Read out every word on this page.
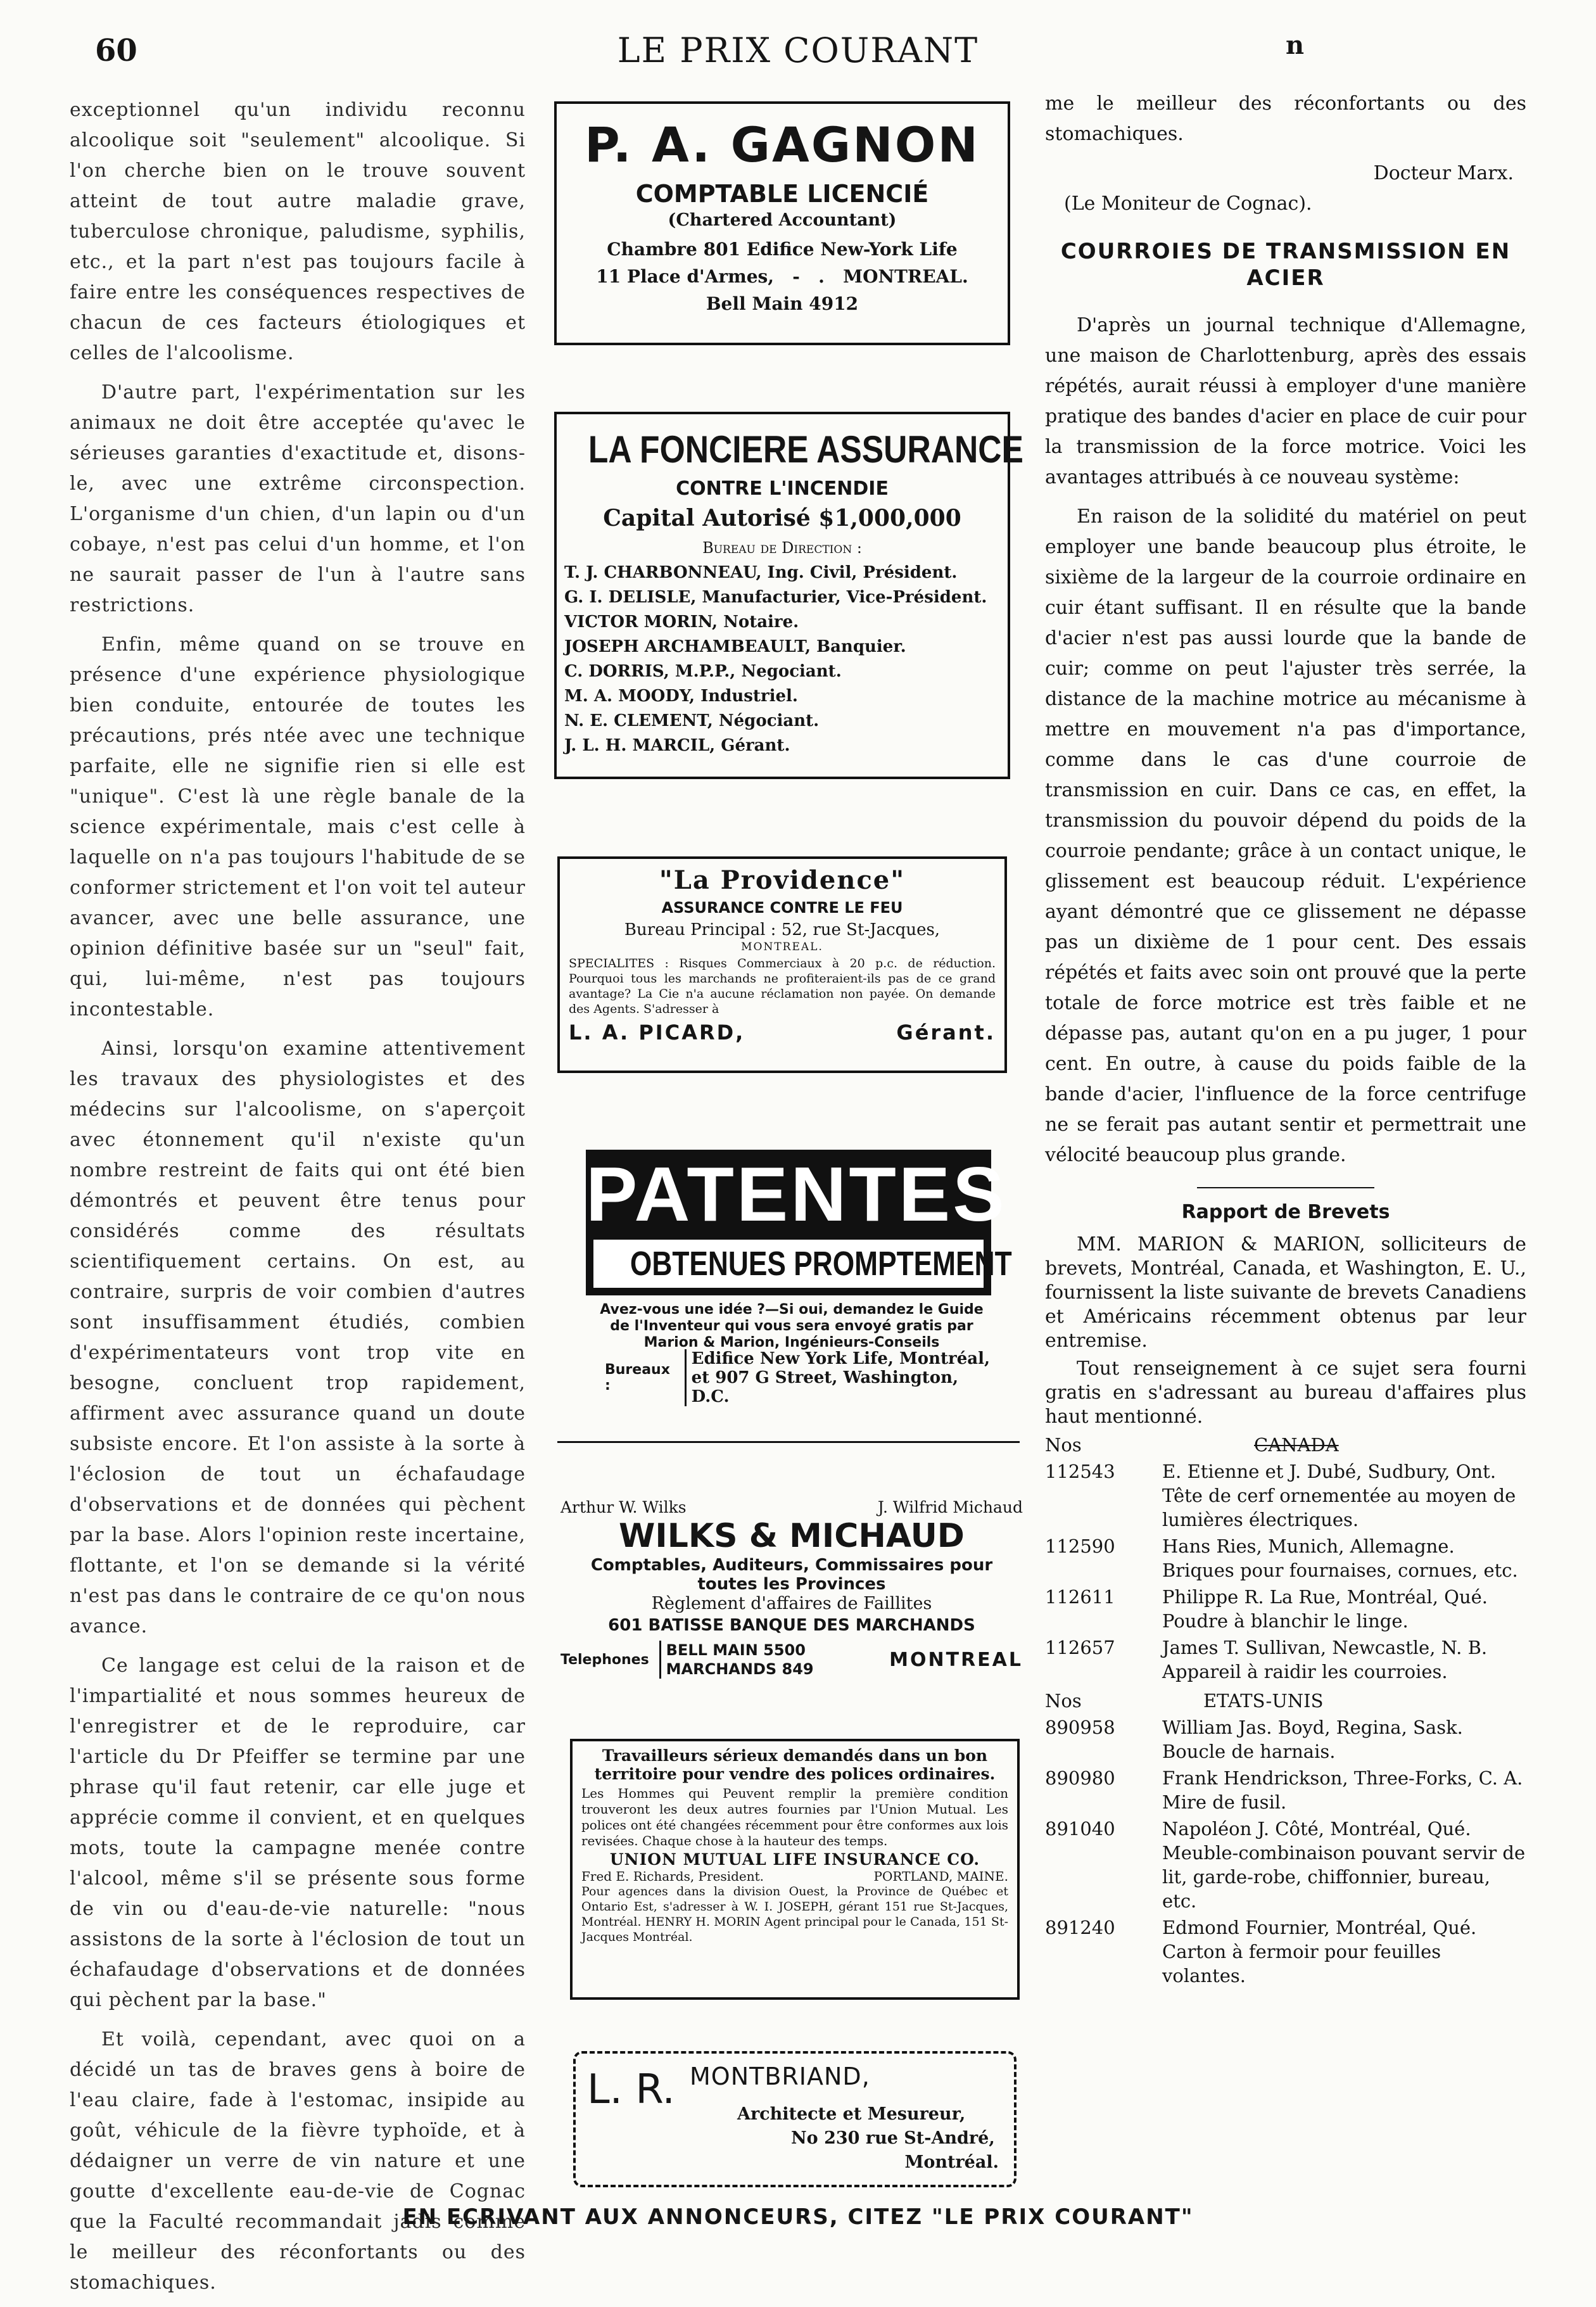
60	LE PRIX COURANT	n

exceptionnel qu'un individu reconnu alcoolique soit "seulement" alcoolique. Si l'on cherche bien on le trouve souvent atteint de tout autre maladie grave, tuberculose chronique, paludisme, syphilis, etc., et la part n'est pas toujours facile à faire entre les conséquences respectives de chacun de ces facteurs étiologiques et celles de l'alcoolisme.

D'autre part, l'expérimentation sur les animaux ne doit être acceptée qu'avec le sérieuses garanties d'exactitude et, disons-le, avec une extrême circonspection. L'organisme d'un chien, d'un lapin ou d'un cobaye, n'est pas celui d'un homme, et l'on ne saurait passer de l'un à l'autre sans restrictions.

Enfin, même quand on se trouve en présence d'une expérience physiologique bien conduite, entourée de toutes les précautions, prés ntée avec une technique parfaite, elle ne signifie rien si elle est "unique". C'est là une règle banale de la science expérimentale, mais c'est celle à laquelle on n'a pas toujours l'habitude de se conformer strictement et l'on voit tel auteur avancer, avec une belle assurance, une opinion définitive basée sur un "seul" fait, qui, lui-même, n'est pas toujours incontestable.

Ainsi, lorsqu'on examine attentivement les travaux des physiologistes et des médecins sur l'alcoolisme, on s'aperçoit avec étonnement qu'il n'existe qu'un nombre restreint de faits qui ont été bien démontrés et peuvent être tenus pour considérés comme des résultats scientifiquement certains. On est, au contraire, surpris de voir combien d'autres sont insuffisamment étudiés, combien d'expérimentateurs vont trop vite en besogne, concluent trop rapidement, affirment avec assurance quand un doute subsiste encore. Et l'on assiste à la sorte à l'éclosion de tout un échafaudage d'observations et de données qui pèchent par la base. Alors l'opinion reste incertaine, flottante, et l'on se demande si la vérité n'est pas dans le contraire de ce qu'on nous avance.

Ce langage est celui de la raison et de l'impartialité et nous sommes heureux de l'enregistrer et de le reproduire, car l'article du Dr Pfeiffer se termine par une phrase qu'il faut retenir, car elle juge et apprécie comme il convient, et en quelques mots, toute la campagne menée contre l'alcool, même s'il se présente sous forme de vin ou d'eau-de-vie naturelle: "nous assistons de la sorte à l'éclosion de tout un échafaudage d'observations et de données qui pèchent par la base."

Et voilà, cependant, avec quoi on a décidé un tas de braves gens à boire de l'eau claire, fade à l'estomac, insipide au goût, véhicule de la fièvre typhoïde, et à dédaigner un verre de vin nature et une goutte d'excellente eau-de-vie de Cognac que la Faculté recommandait jadis comme le meilleur des réconfortants ou des stomachiques.

P. A. GAGNON
COMPTABLE LICENCIÉ
(Chartered Accountant)
Chambre 801 Edifice New-York Life
11 Place d'Armes,   -   .   MONTREAL.
Bell Main 4912
LA FONCIERE ASSURANCE
CONTRE L'INCENDIE
Capital Autorisé $1,000,000
Bureau de Direction :
T. J. CHARBONNEAU, Ing. Civil, Président.
G. I. DELISLE, Manufacturier, Vice-Président.
VICTOR MORIN, Notaire.
JOSEPH ARCHAMBEAULT, Banquier.
C. DORRIS, M.P.P., Negociant.
M. A. MOODY, Industriel.
N. E. CLEMENT, Négociant.
J. L. H. MARCIL, Gérant.
"La Providence"
ASSURANCE CONTRE LE FEU
Bureau Principal : 52, rue St-Jacques,
MONTREAL.
SPECIALITES : Risques Commerciaux à 20 p.c. de réduction. Pourquoi tous les marchands ne profiteraient-ils pas de ce grand avantage? La Cie n'a aucune réclamation non payée. On demande des Agents. S'adresser à
L. A. PICARD,	Gérant.
PATENTES
OBTENUES PROMPTEMENT
Avez-vous une idée ?—Si oui, demandez le Guide de l'Inventeur qui vous sera envoyé gratis par Marion & Marion, Ingénieurs-Conseils
Bureaux :
Edifice New York Life, Montréal,
et 907 G Street, Washington, D.C.
Arthur W. Wilks	J. Wilfrid Michaud
WILKS & MICHAUD
Comptables, Auditeurs, Commissaires pour toutes les Provinces
Règlement d'affaires de Faillites
601 BATISSE BANQUE DES MARCHANDS
Telephones
BELL MAIN 5500
MARCHANDS 849	MONTREAL
Travailleurs sérieux demandés dans un bon territoire pour vendre des polices ordinaires.
Les Hommes qui Peuvent remplir la première condition trouveront les deux autres fournies par l'Union Mutual. Les polices ont été changées récemment pour être conformes aux lois revisées. Chaque chose à la hauteur des temps.
UNION MUTUAL LIFE INSURANCE CO.
Fred E. Richards, President.	PORTLAND, MAINE.
Pour agences dans la division Ouest, la Province de Québec et Ontario Est, s'adresser à W. I. JOSEPH, gérant 151 rue St-Jacques, Montréal. HENRY H. MORIN Agent principal pour le Canada, 151 St-Jacques Montréal.
L. R. MONTBRIAND,
Architecte et Mesureur,
No 230 rue St-André,
Montréal.

me le meilleur des réconfortants ou des stomachiques.

Docteur Marx.
(Le Moniteur de Cognac).
COURROIES DE TRANSMISSION EN ACIER

D'après un journal technique d'Allemagne, une maison de Charlottenburg, après des essais répétés, aurait réussi à employer d'une manière pratique des bandes d'acier en place de cuir pour la transmission de la force motrice. Voici les avantages attribués à ce nouveau système:

En raison de la solidité du matériel on peut employer une bande beaucoup plus étroite, le sixième de la largeur de la courroie ordinaire en cuir étant suffisant. Il en résulte que la bande d'acier n'est pas aussi lourde que la bande de cuir; comme on peut l'ajuster très serrée, la distance de la machine motrice au mécanisme à mettre en mouvement n'a pas d'importance, comme dans le cas d'une courroie de transmission en cuir. Dans ce cas, en effet, la transmission du pouvoir dépend du poids de la courroie pendante; grâce à un contact unique, le glissement est beaucoup réduit. L'expérience ayant démontré que ce glissement ne dépasse pas un dixième de 1 pour cent. Des essais répétés et faits avec soin ont prouvé que la perte totale de force motrice est très faible et ne dépasse pas, autant qu'on en a pu juger, 1 pour cent. En outre, à cause du poids faible de la bande d'acier, l'influence de la force centrifuge ne se ferait pas autant sentir et permettrait une vélocité beaucoup plus grande.

Rapport de Brevets

MM. MARION & MARION, solliciteurs de brevets, Montréal, Canada, et Washington, E. U., fournissent la liste suivante de brevets Canadiens et Américains récemment obtenus par leur entremise.

Tout renseignement à ce sujet sera fourni gratis en s'adressant au bureau d'affaires plus haut mentionné.

Nos	CANADA
112543	E. Etienne et J. Dubé, Sudbury, Ont. Tête de cerf ornementée au moyen de lumières électriques.
112590	Hans Ries, Munich, Allemagne. Briques pour fournaises, cornues, etc.
112611	Philippe R. La Rue, Montréal, Qué. Poudre à blanchir le linge.
112657	James T. Sullivan, Newcastle, N. B. Appareil à raidir les courroies.
Nos	ETATS-UNIS
890958	William Jas. Boyd, Regina, Sask. Boucle de harnais.
890980	Frank Hendrickson, Three-Forks, C. A. Mire de fusil.
891040	Napoléon J. Côté, Montréal, Qué. Meuble-combinaison pouvant servir de lit, garde-robe, chiffonnier, bureau, etc.
891240	Edmond Fournier, Montréal, Qué. Carton à fermoir pour feuilles volantes.
EN ECRIVANT AUX ANNONCEURS, CITEZ "LE PRIX COURANT"
